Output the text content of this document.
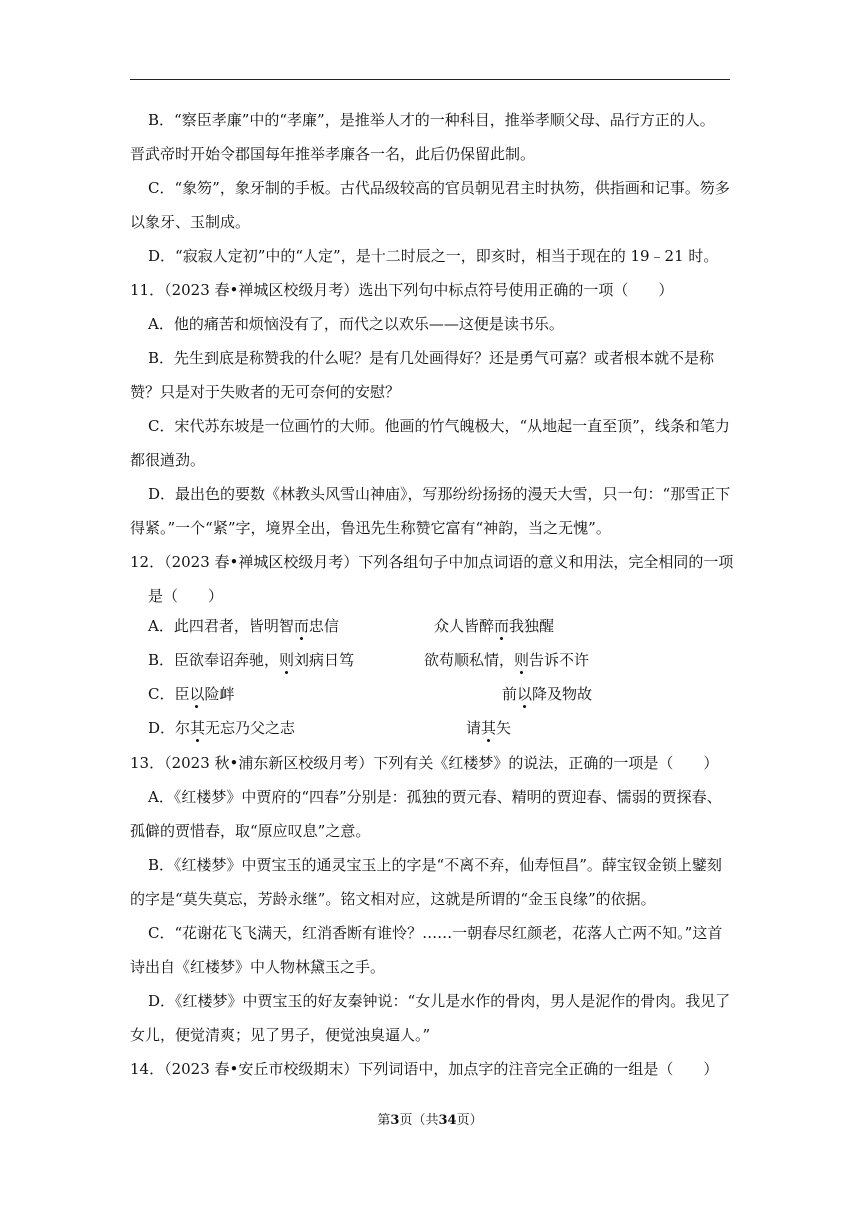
B．“察臣孝廉”中的“孝廉”，是推举人才的一种科目，推举孝顺父母、品行方正的人。
晋武帝时开始令郡国每年推举孝廉各一名，此后仍保留此制。
C．“象笏”，象牙制的手板。古代品级较高的官员朝见君主时执笏，供指画和记事。笏多
以象牙、玉制成。
D．“寂寂人定初”中的“人定”，是十二时辰之一，即亥时，相当于现在的 19﹣21 时。
11．（2023 春•禅城区校级月考）选出下列句中标点符号使用正确的一项（　　）
A．他的痛苦和烦恼没有了，而代之以欢乐——这便是读书乐。
B．先生到底是称赞我的什么呢？是有几处画得好？还是勇气可嘉？或者根本就不是称
赞？只是对于失败者的无可奈何的安慰？
C．宋代苏东坡是一位画竹的大师。他画的竹气魄极大，“从地起一直至顶”，线条和笔力
都很遒劲。
D．最出色的要数《林教头风雪山神庙》，写那纷纷扬扬的漫天大雪，只一句：“那雪正下
得紧。”一个“紧”字，境界全出，鲁迅先生称赞它富有“神韵，当之无愧”。
12．（2023 春•禅城区校级月考）下列各组句子中加点词语的意义和用法，完全相同的一项
是（　　）
A．此四君者，皆明智而忠信	众人皆醉而我独醒
B．臣欲奉诏奔驰，则刘病日笃	欲苟顺私情，则告诉不许
C．臣以险衅	前以降及物故
D．尔其无忘乃父之志	请其矢
13．（2023 秋•浦东新区校级月考）下列有关《红楼梦》的说法，正确的一项是（　　）
A．《红楼梦》中贾府的“四春”分别是：孤独的贾元春、精明的贾迎春、懦弱的贾探春、
孤僻的贾惜春，取“原应叹息”之意。
B．《红楼梦》中贾宝玉的通灵宝玉上的字是“不离不弃，仙寿恒昌”。薛宝钗金锁上鐾刻
的字是“莫失莫忘，芳龄永继”。铭文相对应，这就是所谓的“金玉良缘”的依据。
C．“花谢花飞飞满天，红消香断有谁怜？……一朝春尽红颜老，花落人亡两不知。”这首
诗出自《红楼梦》中人物林黛玉之手。
D．《红楼梦》中贾宝玉的好友秦钟说：“女儿是水作的骨肉，男人是泥作的骨肉。我见了
女儿，便觉清爽；见了男子，便觉浊臭逼人。”
14．（2023 春•安丘市校级期末）下列词语中，加点字的注音完全正确的一组是（　　）
第3页（共34页）
